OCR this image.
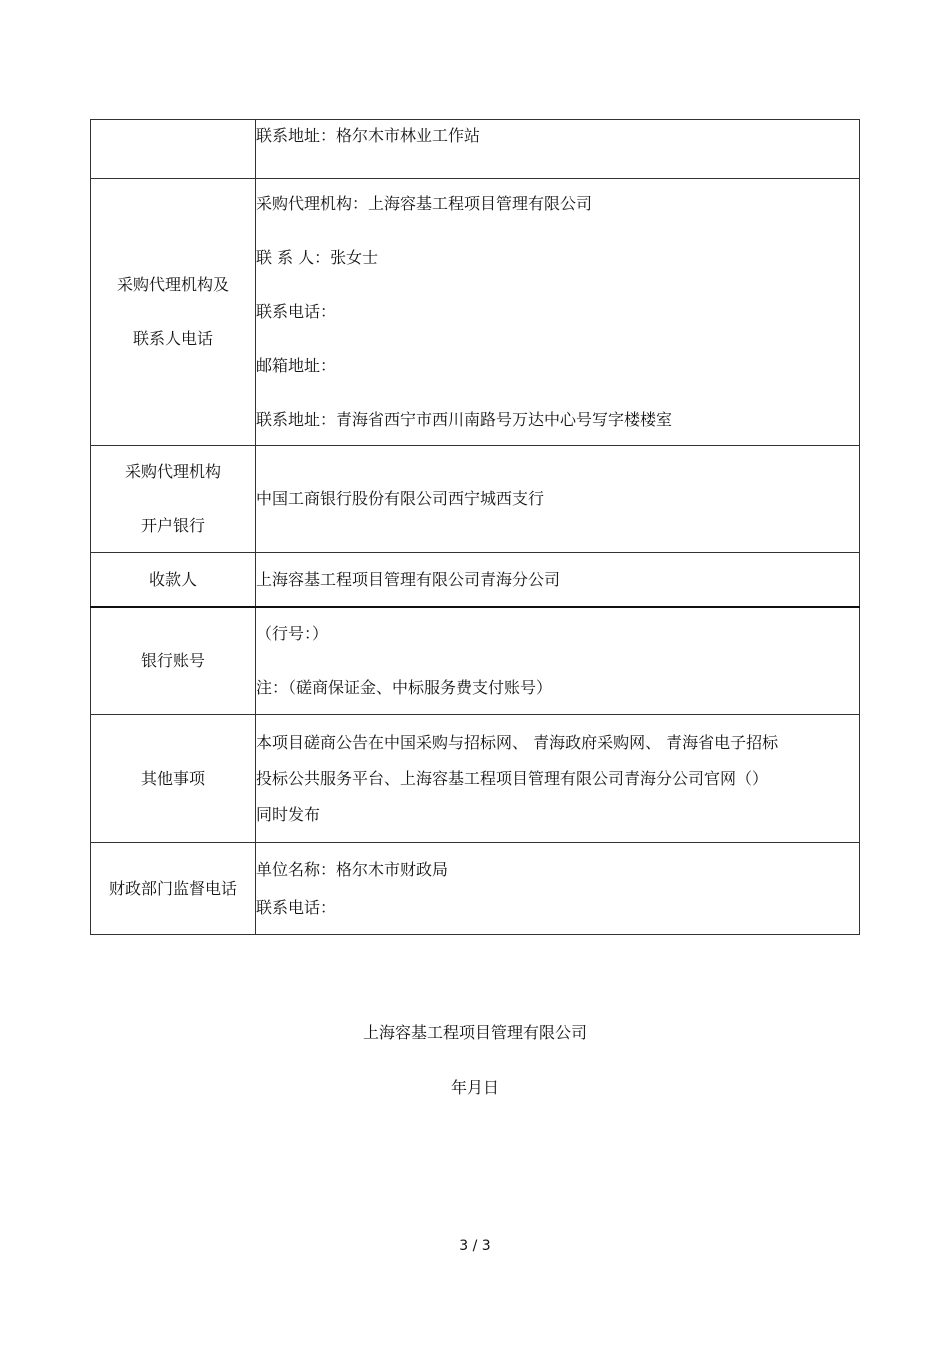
	联系地址：格尔木市林业工作站

采购代理机构及
联系人电话	采购代理机构：上海容基工程项目管理有限公司
联 系 人：张女士
联系电话：
邮箱地址：
联系地址：青海省西宁市西川南路号万达中心号写字楼楼室

采购代理机构
开户银行	中国工商银行股份有限公司西宁城西支行

收款人	上海容基工程项目管理有限公司青海分公司

银行账号	（行号：）
注：（磋商保证金、中标服务费支付账号）

其他事项	本项目磋商公告在中国采购与招标网、 青海政府采购网、 青海省电子招标
投标公共服务平台、上海容基工程项目管理有限公司青海分公司官网（）
同时发布

财政部门监督电话	单位名称：格尔木市财政局
联系电话：
上海容基工程项目管理有限公司
年月日
3 / 3
